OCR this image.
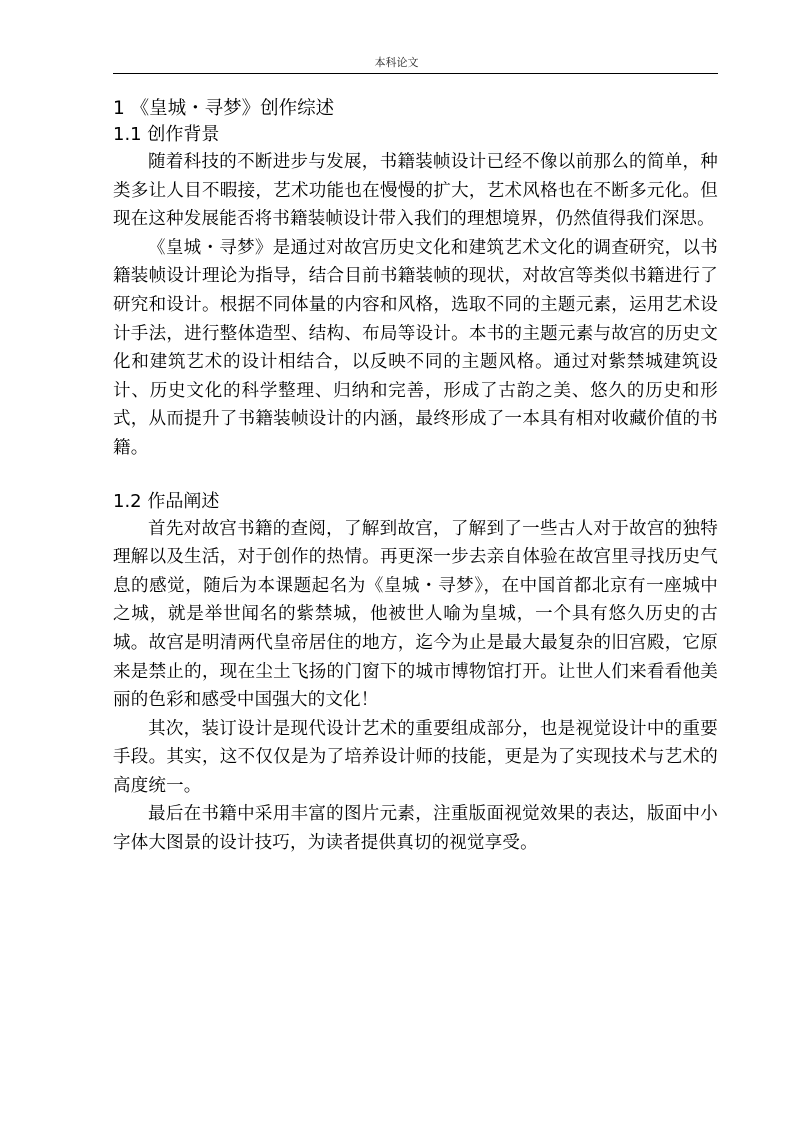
本科论文
1 《皇城・寻梦》创作综述
1.1 创作背景

随着科技的不断进步与发展，书籍装帧设计已经不像以前那么的简单，种类多让人目不暇接，艺术功能也在慢慢的扩大，艺术风格也在不断多元化。但现在这种发展能否将书籍装帧设计带入我们的理想境界，仍然值得我们深思。

《皇城・寻梦》是通过对故宫历史文化和建筑艺术文化的调查研究，以书籍装帧设计理论为指导，结合目前书籍装帧的现状，对故宫等类似书籍进行了研究和设计。根据不同体量的内容和风格，选取不同的主题元素，运用艺术设计手法，进行整体造型、结构、布局等设计。本书的主题元素与故宫的历史文化和建筑艺术的设计相结合，以反映不同的主题风格。通过对紫禁城建筑设计、历史文化的科学整理、归纳和完善，形成了古韵之美、悠久的历史和形式，从而提升了书籍装帧设计的内涵，最终形成了一本具有相对收藏价值的书籍。

1.2 作品阐述

首先对故宫书籍的查阅，了解到故宫，了解到了一些古人对于故宫的独特理解以及生活，对于创作的热情。再更深一步去亲自体验在故宫里寻找历史气息的感觉，随后为本课题起名为《皇城・寻梦》，在中国首都北京有一座城中之城，就是举世闻名的紫禁城，他被世人喻为皇城，一个具有悠久历史的古城。故宫是明清两代皇帝居住的地方，迄今为止是最大最复杂的旧宫殿，它原来是禁止的，现在尘土飞扬的门窗下的城市博物馆打开。让世人们来看看他美丽的色彩和感受中国强大的文化！

其次，装订设计是现代设计艺术的重要组成部分，也是视觉设计中的重要手段。其实，这不仅仅是为了培养设计师的技能，更是为了实现技术与艺术的高度统一。

最后在书籍中采用丰富的图片元素，注重版面视觉效果的表达，版面中小字体大图景的设计技巧，为读者提供真切的视觉享受。
